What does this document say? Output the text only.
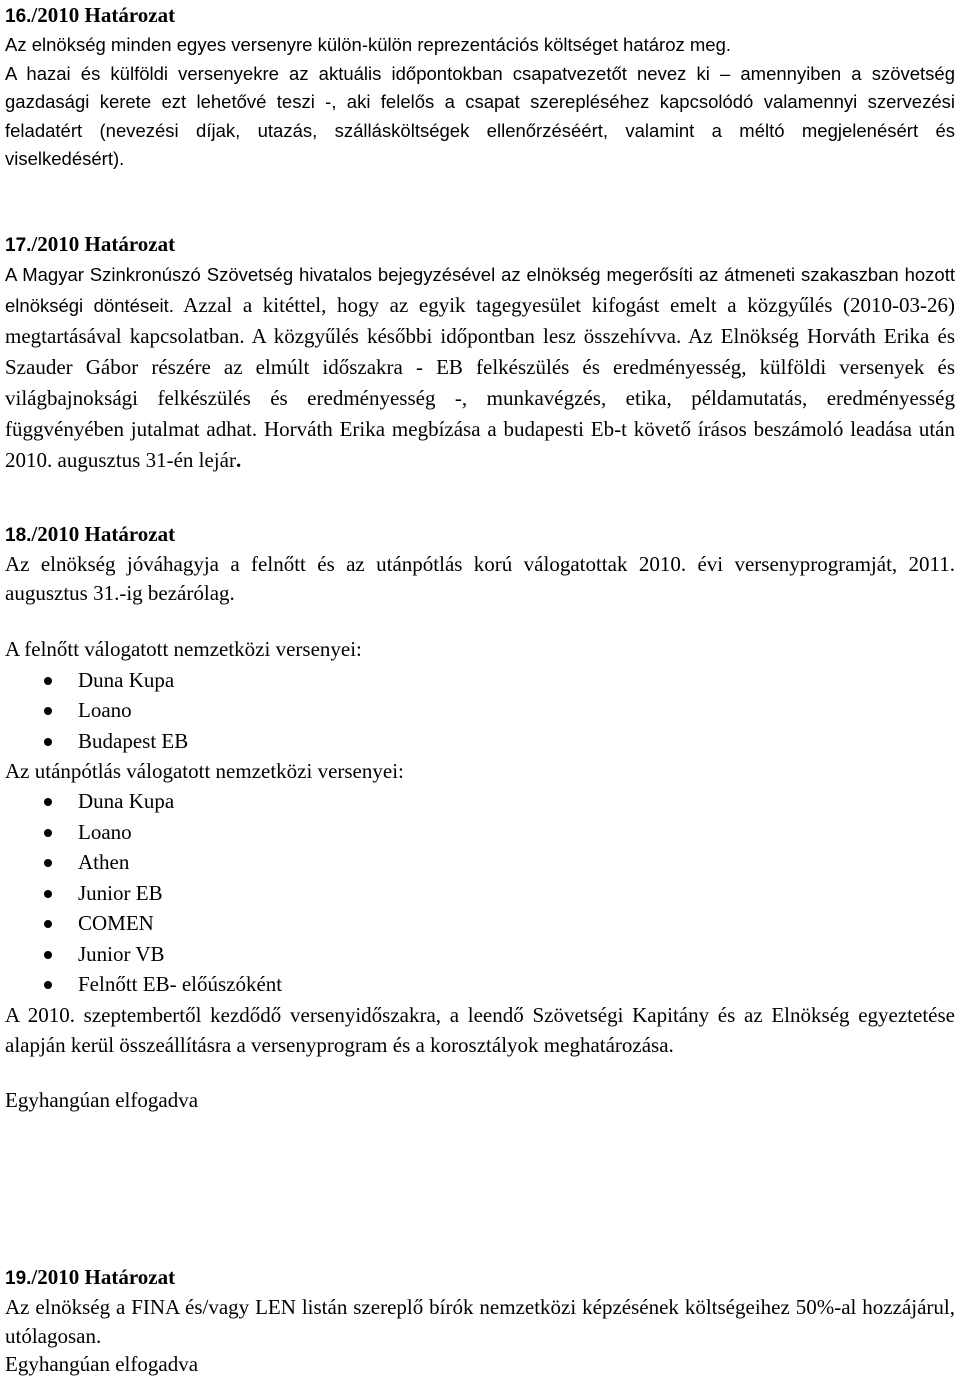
16./2010 Határozat

Az elnökség minden egyes versenyre külön-külön reprezentációs költséget határoz meg.

A hazai és külföldi versenyekre az aktuális időpontokban csapatvezetőt nevez ki – amennyiben a szövetség gazdasági kerete ezt lehetővé teszi -, aki felelős a csapat szerepléséhez kapcsolódó valamennyi szervezési feladatért (nevezési díjak, utazás, szállásköltségek ellenőrzéséért, valamint a méltó megjelenésért és viselkedésért).

17./2010 Határozat

A Magyar Szinkronúszó Szövetség hivatalos bejegyzésével az elnökség megerősíti az átmeneti szakaszban hozott elnökségi döntéseit. Azzal a kitéttel, hogy az egyik tagegyesület kifogást emelt a közgyűlés (2010-03-26) megtartásával kapcsolatban. A közgyűlés későbbi időpontban lesz összehívva. Az Elnökség Horváth Erika és Szauder Gábor részére az elmúlt időszakra - EB felkészülés és eredményesség, külföldi versenyek és világbajnoksági felkészülés és eredményesség -, munkavégzés, etika, példamutatás, eredményesség függvényében jutalmat adhat. Horváth Erika megbízása a budapesti Eb-t követő írásos beszámoló leadása után 2010. augusztus 31-én lejár.

18./2010 Határozat

Az elnökség jóváhagyja a felnőtt és az utánpótlás korú válogatottak 2010. évi versenyprogramját, 2011. augusztus 31.-ig bezárólag.

A felnőtt válogatott nemzetközi versenyei:

Duna Kupa
Loano
Budapest EB

Az utánpótlás válogatott nemzetközi versenyei:

Duna Kupa
Loano
Athen
Junior EB
COMEN
Junior VB
Felnőtt EB- előúszóként

A 2010. szeptembertől kezdődő versenyidőszakra, a leendő Szövetségi Kapitány és az Elnökség egyeztetése alapján kerül összeállításra a versenyprogram és a korosztályok meghatározása.

Egyhangúan elfogadva

19./2010 Határozat

Az elnökség a FINA és/vagy LEN listán szereplő bírók nemzetközi képzésének költségeihez 50%-al hozzájárul, utólagosan.

Egyhangúan elfogadva
